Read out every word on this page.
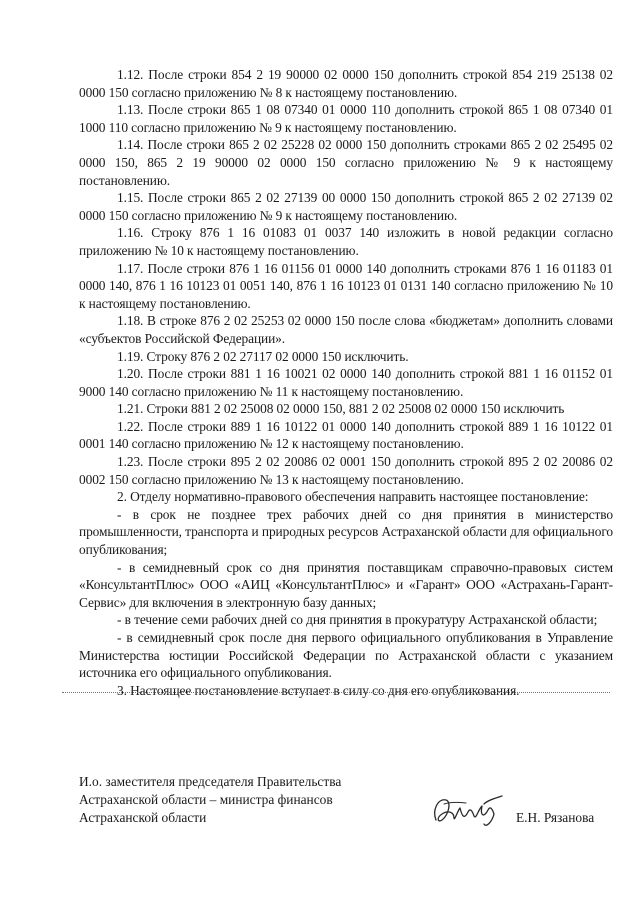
1.12. После строки 854 2 19 90000 02 0000 150 дополнить строкой 854 219 25138 02 0000 150 согласно приложению № 8 к настоящему постановлению.

1.13. После строки 865 1 08 07340 01 0000 110 дополнить строкой 865 1 08 07340 01 1000 110 согласно приложению № 9 к настоящему постановлению.

1.14. После строки 865 2 02 25228 02 0000 150 дополнить строками 865 2 02 25495 02 0000 150, 865 2 19 90000 02 0000 150 согласно приложению № 9 к настоящему постановлению.

1.15. После строки 865 2 02 27139 00 0000 150 дополнить строкой 865 2 02 27139 02 0000 150 согласно приложению № 9 к настоящему постановлению.

1.16. Строку 876 1 16 01083 01 0037 140 изложить в новой редакции согласно приложению № 10 к настоящему постановлению.

1.17. После строки 876 1 16 01156 01 0000 140 дополнить строками 876 1 16 01183 01 0000 140, 876 1 16 10123 01 0051 140, 876 1 16 10123 01 0131 140 согласно приложению № 10 к настоящему постановлению.

1.18. В строке 876 2 02 25253 02 0000 150 после слова «бюджетам» дополнить словами «субъектов Российской Федерации».

1.19. Строку 876 2 02 27117 02 0000 150 исключить.

1.20. После строки 881 1 16 10021 02 0000 140 дополнить строкой 881 1 16 01152 01 9000 140 согласно приложению № 11 к настоящему постановлению.

1.21. Строки 881 2 02 25008 02 0000 150, 881 2 02 25008 02 0000 150 исключить

1.22. После строки 889 1 16 10122 01 0000 140 дополнить строкой 889 1 16 10122 01 0001 140 согласно приложению № 12 к настоящему постановлению.

1.23. После строки 895 2 02 20086 02 0001 150 дополнить строкой 895 2 02 20086 02 0002 150 согласно приложению № 13 к настоящему постановлению.

2. Отделу нормативно-правового обеспечения направить настоящее постановление:

- в срок не позднее трех рабочих дней со дня принятия в министерство промышленности, транспорта и природных ресурсов Астраханской области для официального опубликования;

- в семидневный срок со дня принятия поставщикам справочно-правовых систем «КонсультантПлюс» ООО «АИЦ «КонсультантПлюс» и «Гарант» ООО «Астрахань-Гарант-Сервис» для включения в электронную базу данных;

- в течение семи рабочих дней со дня принятия в прокуратуру Астраханской области;

- в семидневный срок после дня первого официального опубликования в Управление Министерства юстиции Российской Федерации по Астраханской области с указанием источника его официального опубликования.

3. Настоящее постановление вступает в силу со дня его опубликования.

И.о. заместителя председателя Правительства
Астраханской области – министра финансов
Астраханской области	Е.Н. Рязанова
